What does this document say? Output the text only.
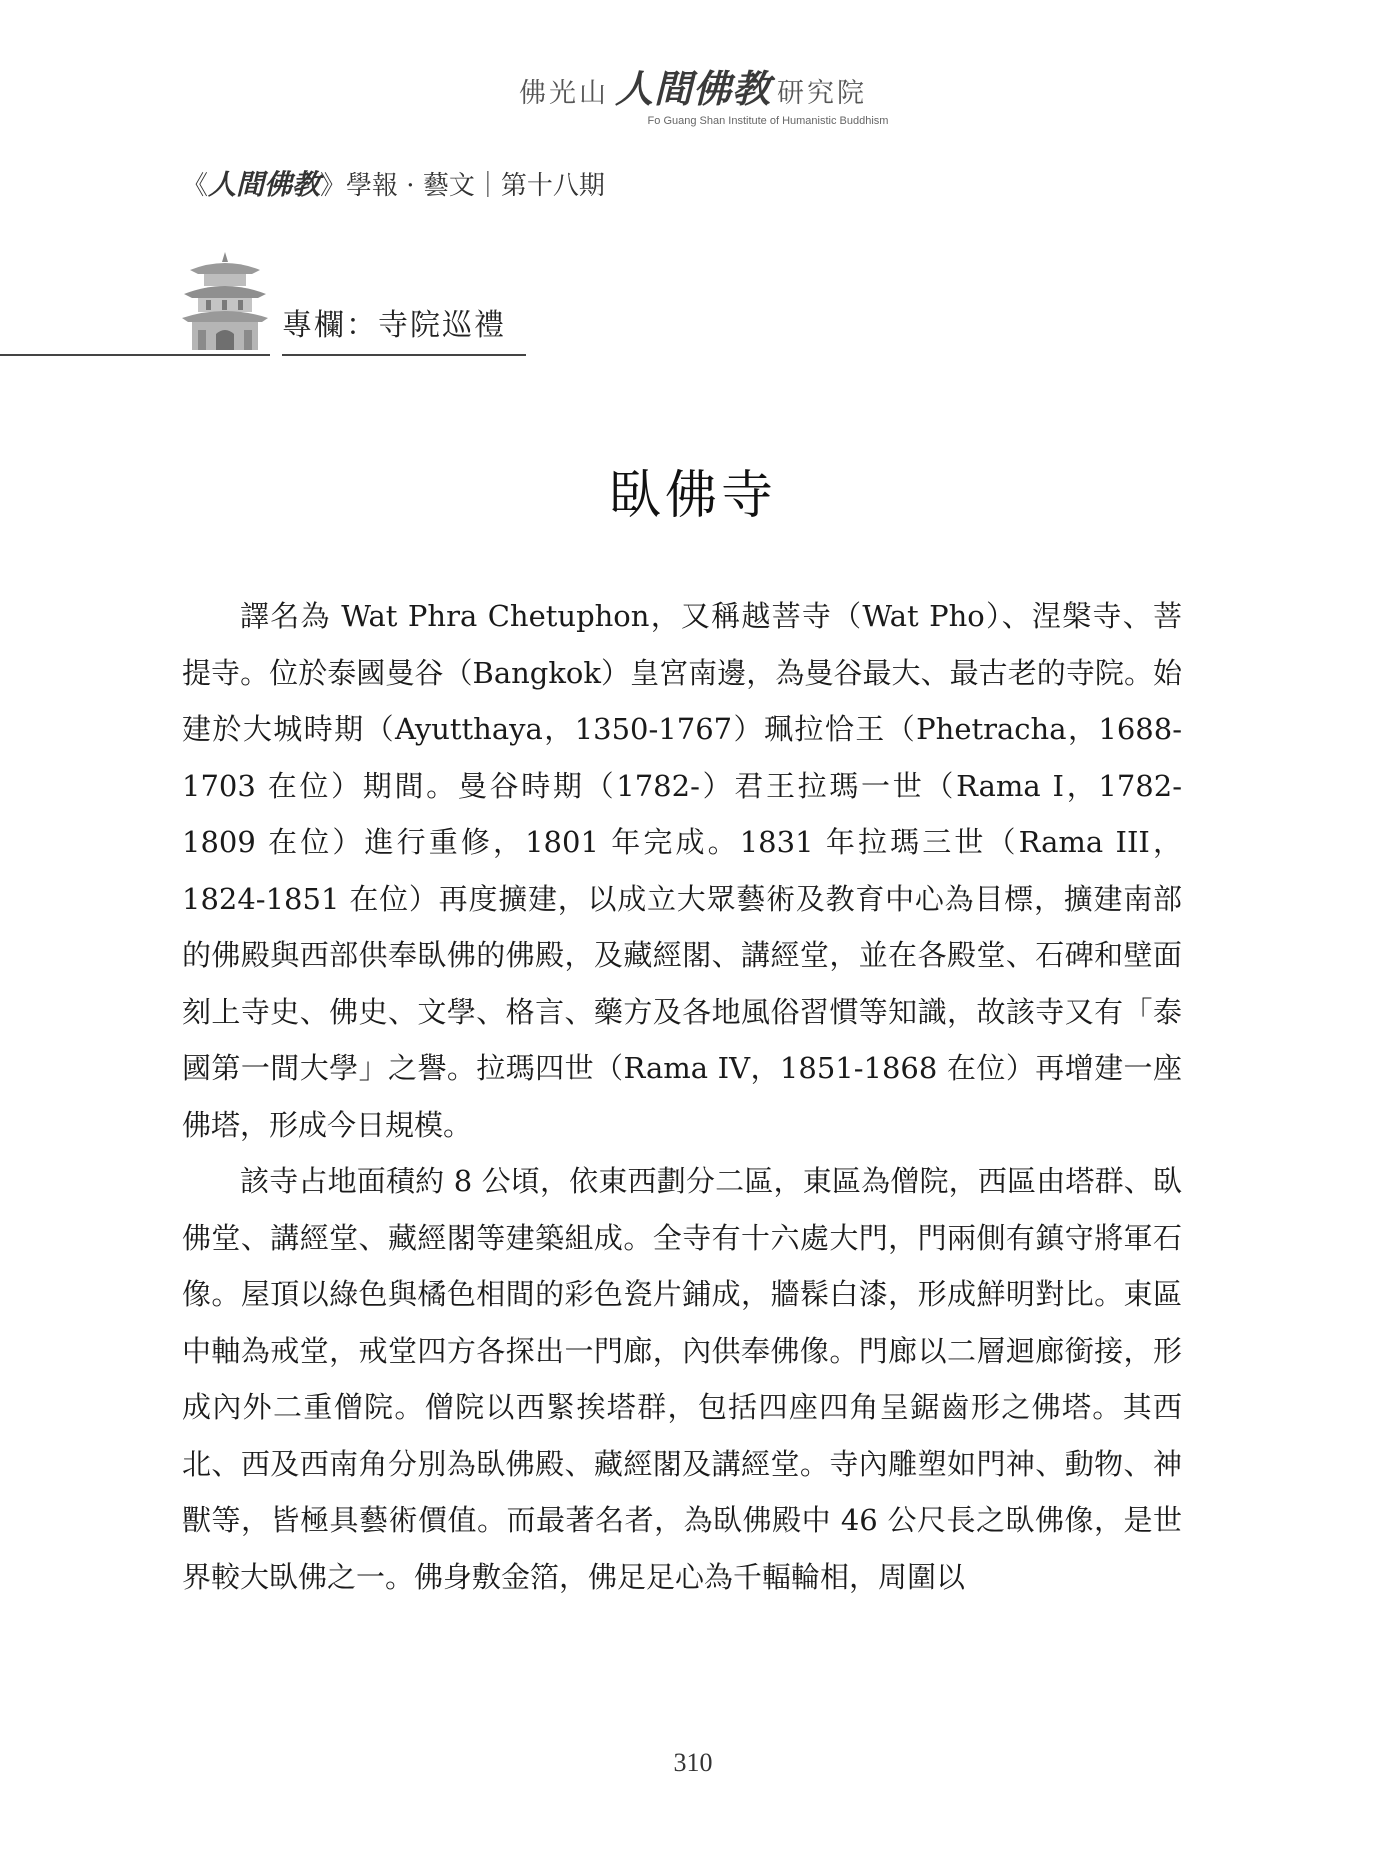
佛光山 人間佛教 研究院
Fo Guang Shan Institute of Humanistic Buddhism
《人間佛教》學報 · 藝文｜第十八期
專欄：寺院巡禮
臥佛寺

譯名為 Wat Phra Chetuphon，又稱越菩寺（Wat Pho）、涅槃寺、菩提寺。位於泰國曼谷（Bangkok）皇宮南邊，為曼谷最大、最古老的寺院。始建於大城時期（Ayutthaya，1350-1767）珮拉恰王（Phetracha，1688-1703 在位）期間。曼谷時期（1782-）君王拉瑪一世（Rama I，1782-1809 在位）進行重修，1801 年完成。1831 年拉瑪三世（Rama III，1824-1851 在位）再度擴建，以成立大眾藝術及教育中心為目標，擴建南部的佛殿與西部供奉臥佛的佛殿，及藏經閣、講經堂，並在各殿堂、石碑和壁面刻上寺史、佛史、文學、格言、藥方及各地風俗習慣等知識，故該寺又有「泰國第一間大學」之譽。拉瑪四世（Rama IV，1851-1868 在位）再增建一座佛塔，形成今日規模。

該寺占地面積約 8 公頃，依東西劃分二區，東區為僧院，西區由塔群、臥佛堂、講經堂、藏經閣等建築組成。全寺有十六處大門，門兩側有鎮守將軍石像。屋頂以綠色與橘色相間的彩色瓷片鋪成，牆髹白漆，形成鮮明對比。東區中軸為戒堂，戒堂四方各探出一門廊，內供奉佛像。門廊以二層迴廊銜接，形成內外二重僧院。僧院以西緊挨塔群，包括四座四角呈鋸齒形之佛塔。其西北、西及西南角分別為臥佛殿、藏經閣及講經堂。寺內雕塑如門神、動物、神獸等，皆極具藝術價值。而最著名者，為臥佛殿中 46 公尺長之臥佛像，是世界較大臥佛之一。佛身敷金箔，佛足足心為千輻輪相，周圍以

310
